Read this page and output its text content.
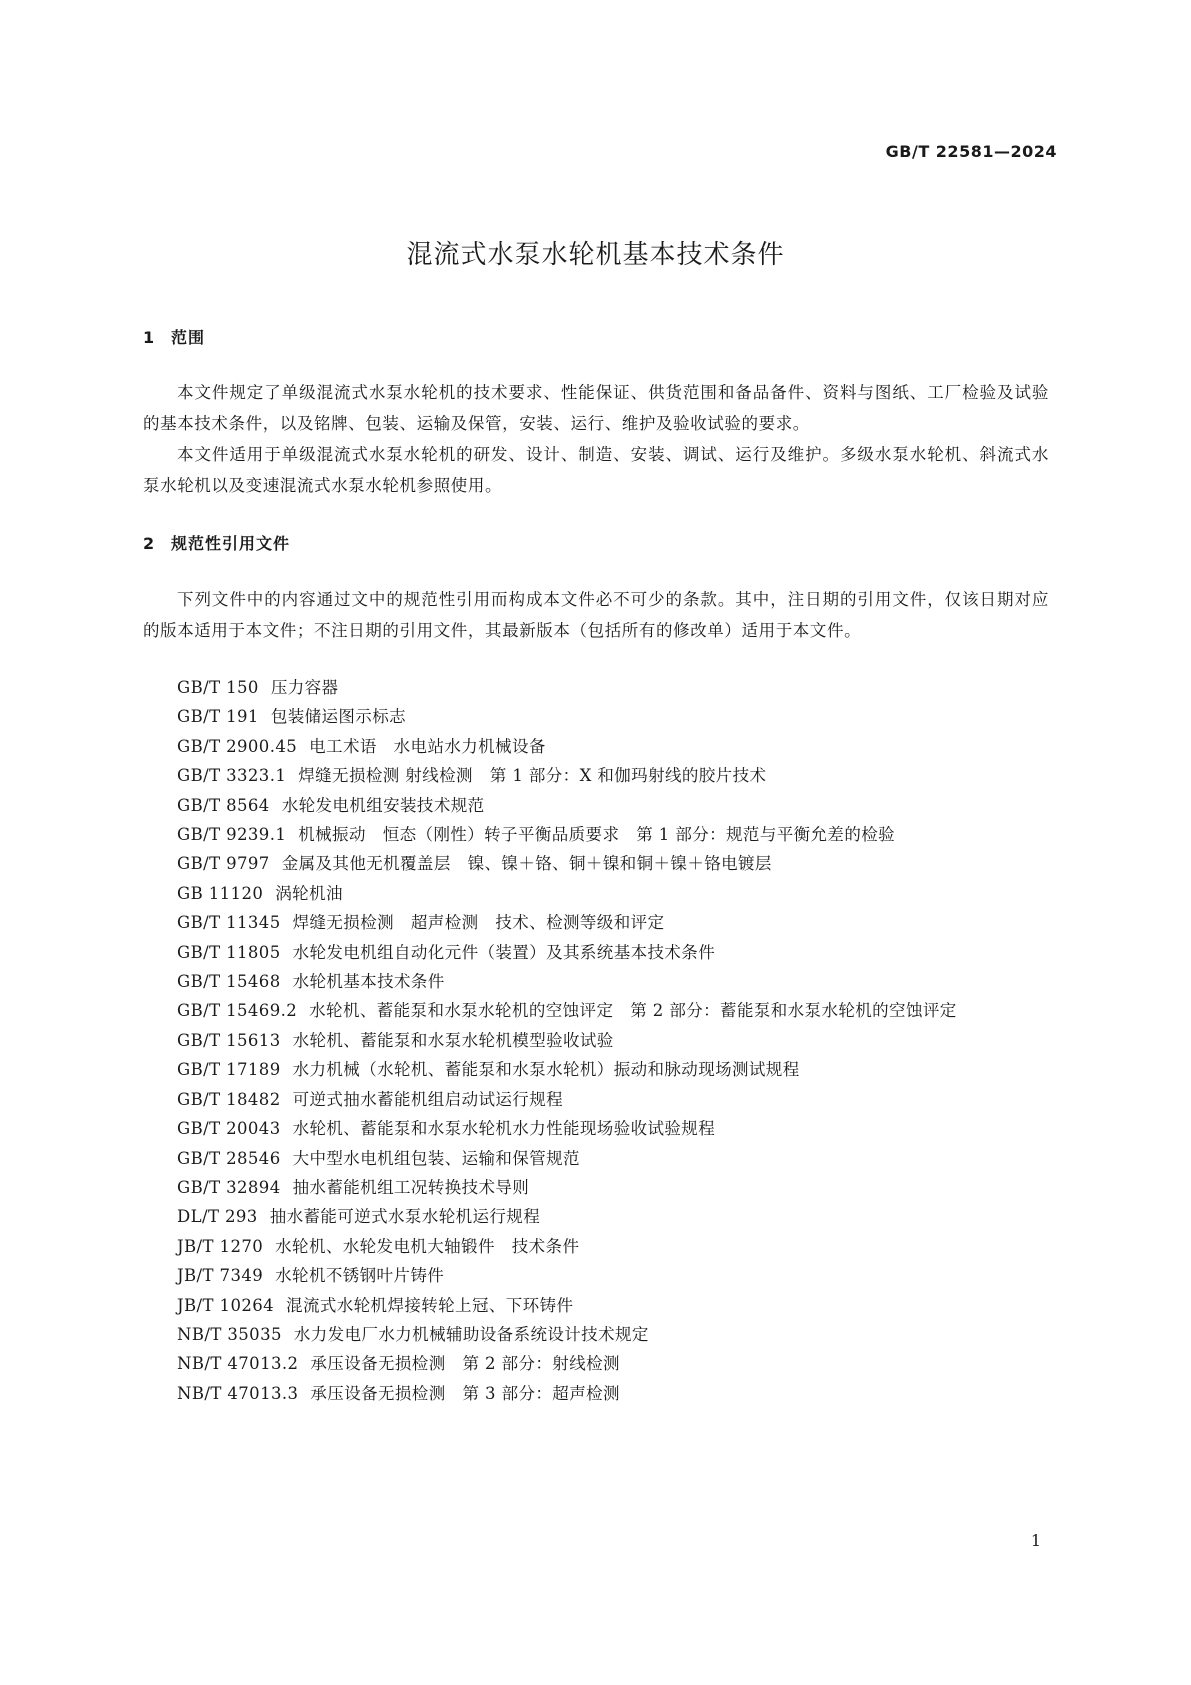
GB/T 22581—2024
混流式水泵水轮机基本技术条件
1 范围

本文件规定了单级混流式水泵水轮机的技术要求、性能保证、供货范围和备品备件、资料与图纸、工厂检验及试验的基本技术条件，以及铭牌、包装、运输及保管，安装、运行、维护及验收试验的要求。

本文件适用于单级混流式水泵水轮机的研发、设计、制造、安装、调试、运行及维护。多级水泵水轮机、斜流式水泵水轮机以及变速混流式水泵水轮机参照使用。

2 规范性引用文件

下列文件中的内容通过文中的规范性引用而构成本文件必不可少的条款。其中，注日期的引用文件，仅该日期对应的版本适用于本文件；不注日期的引用文件，其最新版本（包括所有的修改单）适用于本文件。

GB/T 150 压力容器
GB/T 191 包装储运图示标志
GB/T 2900.45 电工术语　水电站水力机械设备
GB/T 3323.1 焊缝无损检测 射线检测　第 1 部分：X 和伽玛射线的胶片技术
GB/T 8564 水轮发电机组安装技术规范
GB/T 9239.1 机械振动　恒态（刚性）转子平衡品质要求　第 1 部分：规范与平衡允差的检验
GB/T 9797 金属及其他无机覆盖层　镍、镍＋铬、铜＋镍和铜＋镍＋铬电镀层
GB 11120 涡轮机油
GB/T 11345 焊缝无损检测　超声检测　技术、检测等级和评定
GB/T 11805 水轮发电机组自动化元件（装置）及其系统基本技术条件
GB/T 15468 水轮机基本技术条件
GB/T 15469.2 水轮机、蓄能泵和水泵水轮机的空蚀评定　第 2 部分：蓄能泵和水泵水轮机的空蚀评定
GB/T 15613 水轮机、蓄能泵和水泵水轮机模型验收试验
GB/T 17189 水力机械（水轮机、蓄能泵和水泵水轮机）振动和脉动现场测试规程
GB/T 18482 可逆式抽水蓄能机组启动试运行规程
GB/T 20043 水轮机、蓄能泵和水泵水轮机水力性能现场验收试验规程
GB/T 28546 大中型水电机组包装、运输和保管规范
GB/T 32894 抽水蓄能机组工况转换技术导则
DL/T 293 抽水蓄能可逆式水泵水轮机运行规程
JB/T 1270 水轮机、水轮发电机大轴锻件　技术条件
JB/T 7349 水轮机不锈钢叶片铸件
JB/T 10264 混流式水轮机焊接转轮上冠、下环铸件
NB/T 35035 水力发电厂水力机械辅助设备系统设计技术规定
NB/T 47013.2 承压设备无损检测　第 2 部分：射线检测
NB/T 47013.3 承压设备无损检测　第 3 部分：超声检测
1
